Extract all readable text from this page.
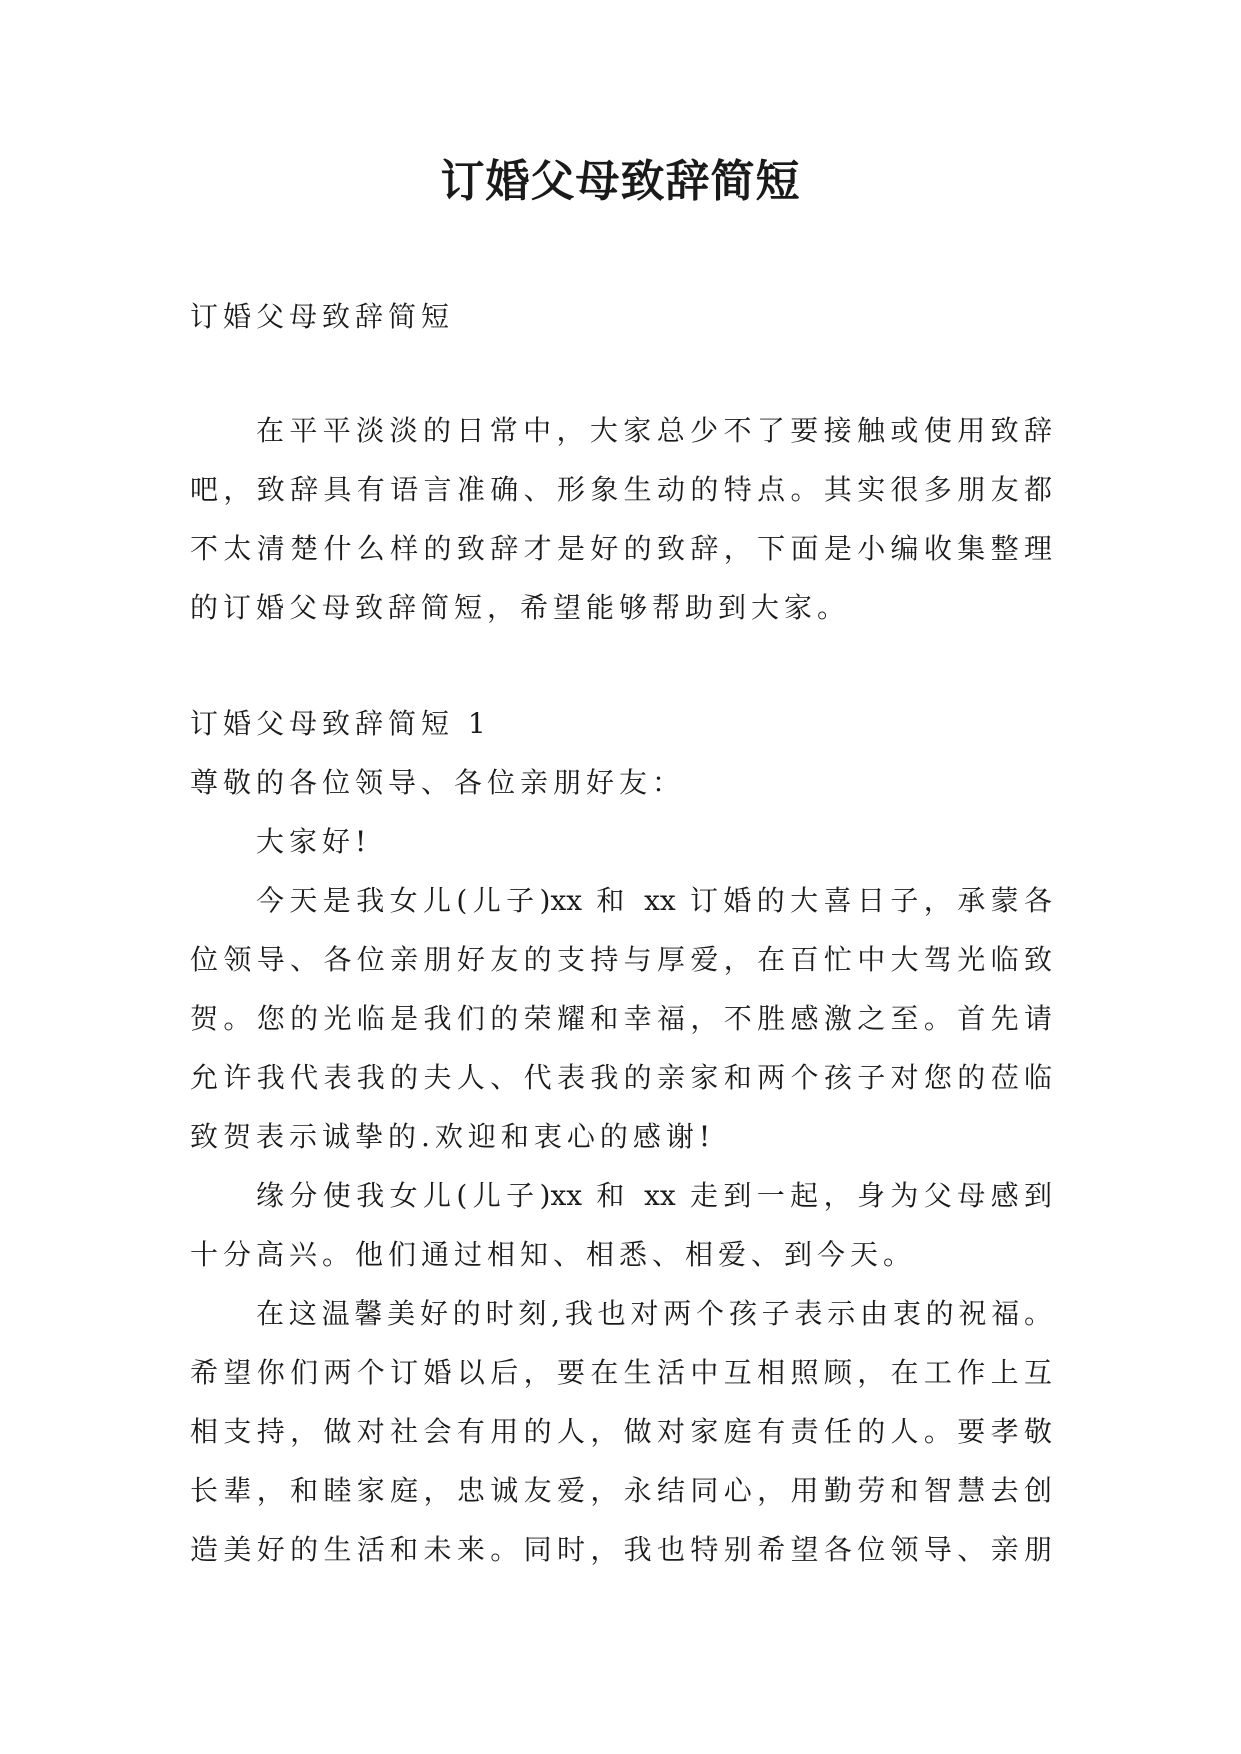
订婚父母致辞简短
订婚父母致辞简短
在平平淡淡的日常中，大家总少不了要接触或使用致辞
吧，致辞具有语言准确、形象生动的特点。其实很多朋友都
不太清楚什么样的致辞才是好的致辞，下面是小编收集整理
的订婚父母致辞简短，希望能够帮助到大家。
订婚父母致辞简短 1
尊敬的各位领导、各位亲朋好友：
大家好!
今天是我女儿(儿子)xx 和 xx 订婚的大喜日子，承蒙各
位领导、各位亲朋好友的支持与厚爱，在百忙中大驾光临致
贺。您的光临是我们的荣耀和幸福，不胜感激之至。首先请
允许我代表我的夫人、代表我的亲家和两个孩子对您的莅临
致贺表示诚挚的.欢迎和衷心的感谢!
缘分使我女儿(儿子)xx 和 xx 走到一起，身为父母感到
十分高兴。他们通过相知、相悉、相爱、到今天。
在这温馨美好的时刻,我也对两个孩子表示由衷的祝福。
希望你们两个订婚以后，要在生活中互相照顾，在工作上互
相支持，做对社会有用的人，做对家庭有责任的人。要孝敬
长辈，和睦家庭，忠诚友爱，永结同心，用勤劳和智慧去创
造美好的生活和未来。同时，我也特别希望各位领导、亲朋
